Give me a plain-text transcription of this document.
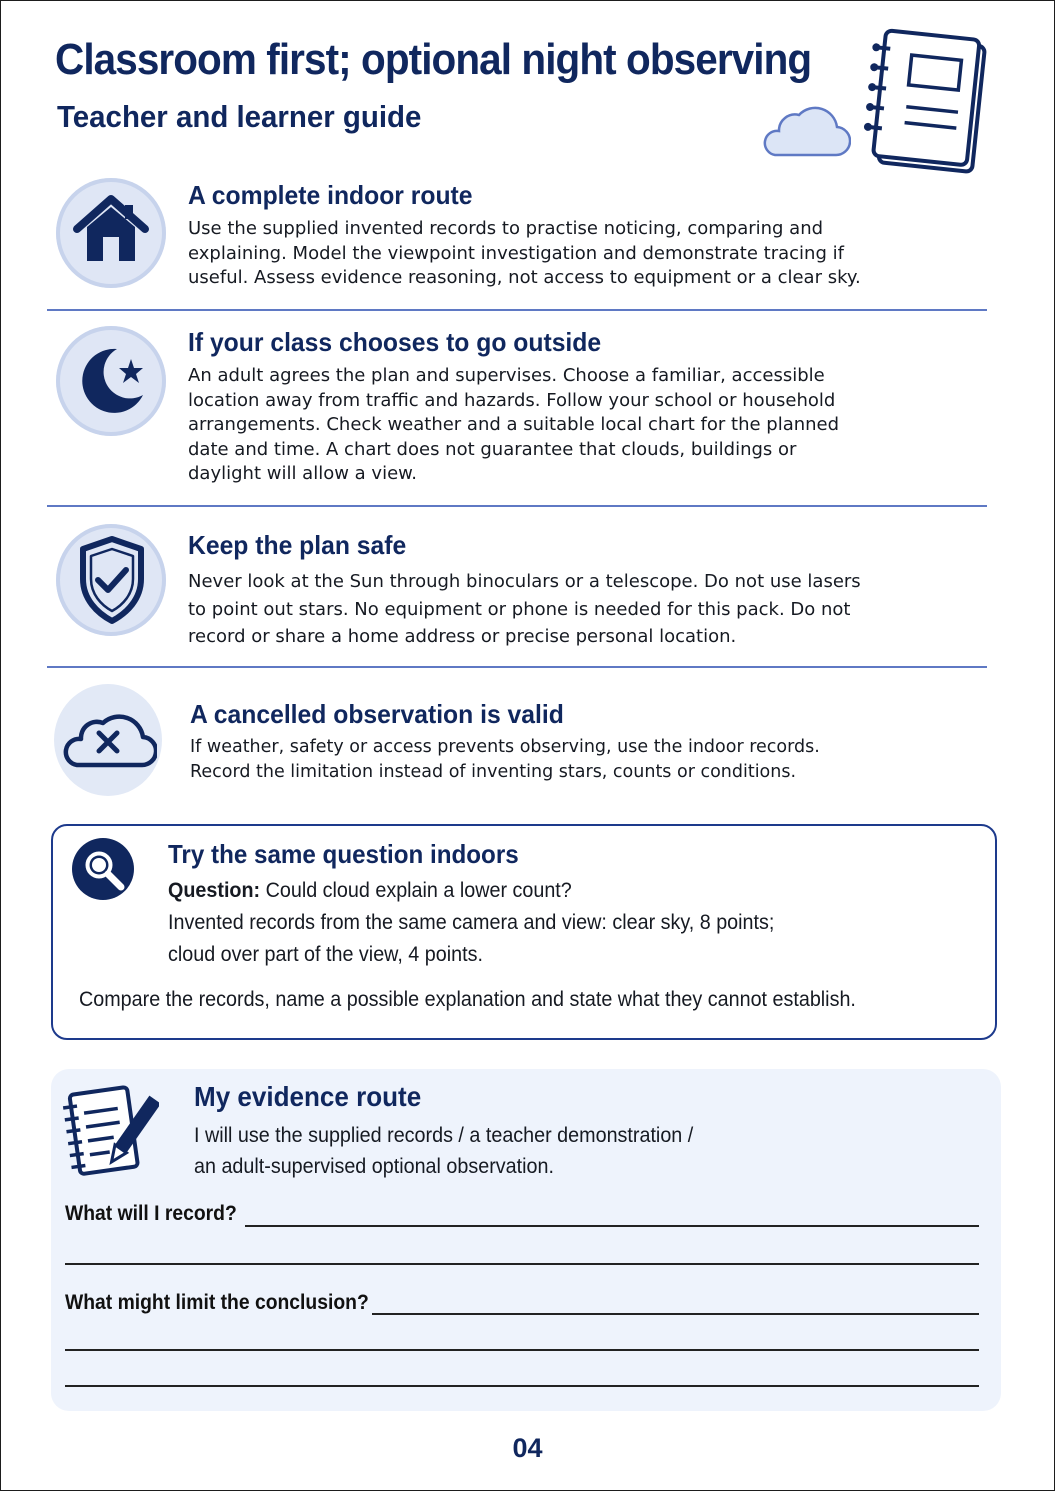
Classroom first; optional night observing
Teacher and learner guide
A complete indoor route

Use the supplied invented records to practise noticing, comparing and
explaining. Model the viewpoint investigation and demonstrate tracing if
useful. Assess evidence reasoning, not access to equipment or a clear sky.

If your class chooses to go outside

An adult agrees the plan and supervises. Choose a familiar, accessible
location away from traffic and hazards. Follow your school or household
arrangements. Check weather and a suitable local chart for the planned
date and time. A chart does not guarantee that clouds, buildings or
daylight will allow a view.

Keep the plan safe

Never look at the Sun through binoculars or a telescope. Do not use lasers
to point out stars. No equipment or phone is needed for this pack. Do not
record or share a home address or precise personal location.

A cancelled observation is valid

If weather, safety or access prevents observing, use the indoor records.
Record the limitation instead of inventing stars, counts or conditions.

Try the same question indoors

Question: Could cloud explain a lower count?

Invented records from the same camera and view: clear sky, 8 points;

cloud over part of the view, 4 points.

Compare the records, name a possible explanation and state what they cannot establish.

My evidence route

I will use the supplied records / a teacher demonstration /

an adult-supervised optional observation.

What will I record?

What might limit the conclusion?

04
